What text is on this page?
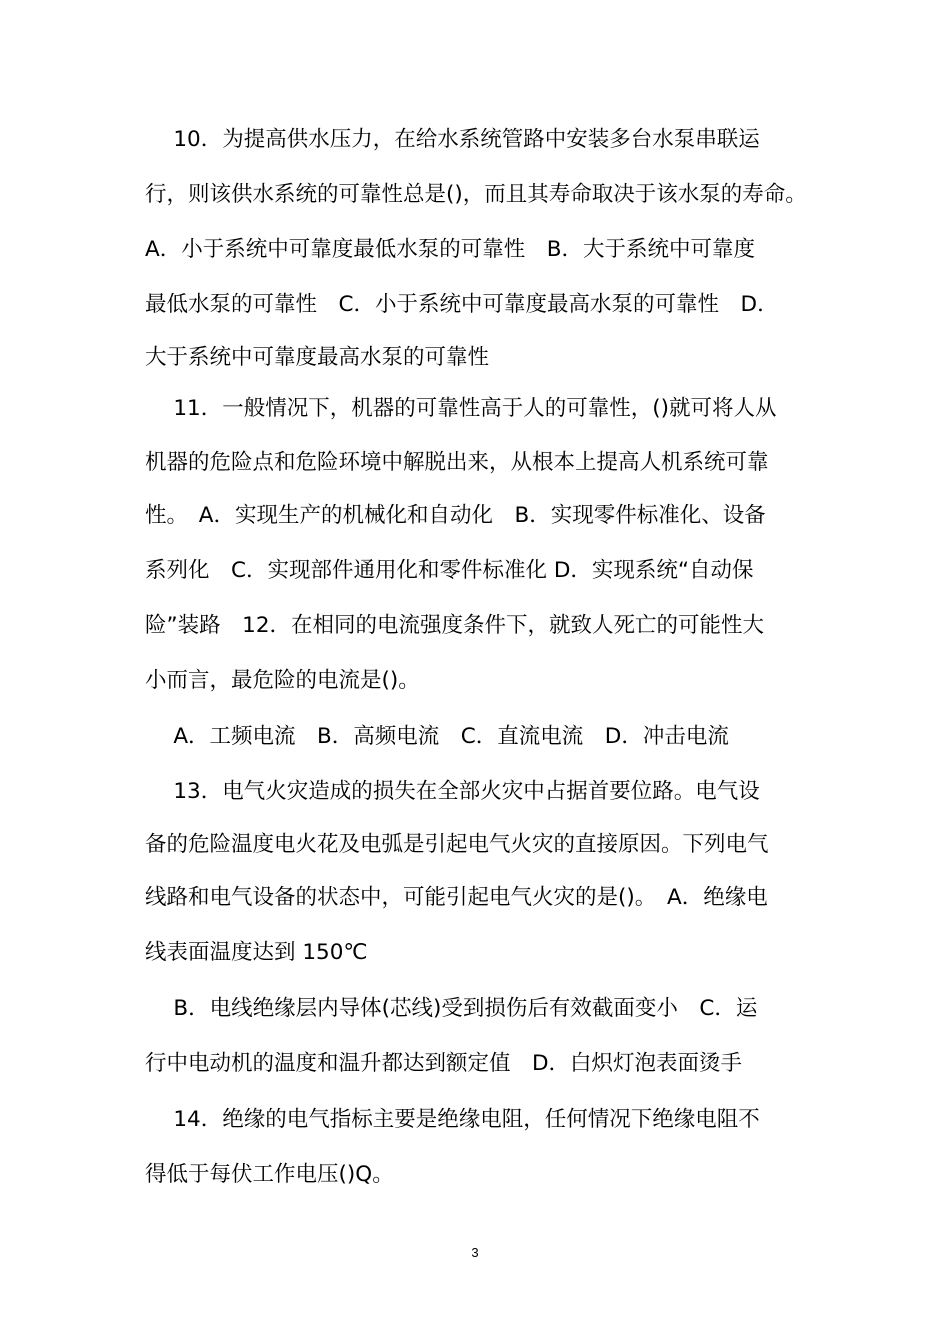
　 10．为提高供水压力，在给水系统管路中安装多台水泵串联运
行，则该供水系统的可靠性总是()，而且其寿命取决于该水泵的寿命。
A．小于系统中可靠度最低水泵的可靠性　B．大于系统中可靠度
最低水泵的可靠性　C．小于系统中可靠度最高水泵的可靠性　D．
大于系统中可靠度最高水泵的可靠性
　 11．一般情况下，机器的可靠性高于人的可靠性，()就可将人从
机器的危险点和危险环境中解脱出来，从根本上提高人机系统可靠
性。　A．实现生产的机械化和自动化　B．实现零件标准化、设备
系列化　C．实现部件通用化和零件标准化 D．实现系统“自动保
险”装路　12．在相同的电流强度条件下，就致人死亡的可能性大
小而言，最危险的电流是()。
　 A．工频电流　B．高频电流　C．直流电流　D．冲击电流
　 13．电气火灾造成的损失在全部火灾中占据首要位路。电气设
备的危险温度电火花及电弧是引起电气火灾的直接原因。下列电气
线路和电气设备的状态中，可能引起电气火灾的是()。　A．绝缘电
线表面温度达到 150℃
　 B．电线绝缘层内导体(芯线)受到损伤后有效截面变小　C．运
行中电动机的温度和温升都达到额定值　D．白炽灯泡表面烫手
　 14．绝缘的电气指标主要是绝缘电阻，任何情况下绝缘电阻不
得低于每伏工作电压()Q。
3
